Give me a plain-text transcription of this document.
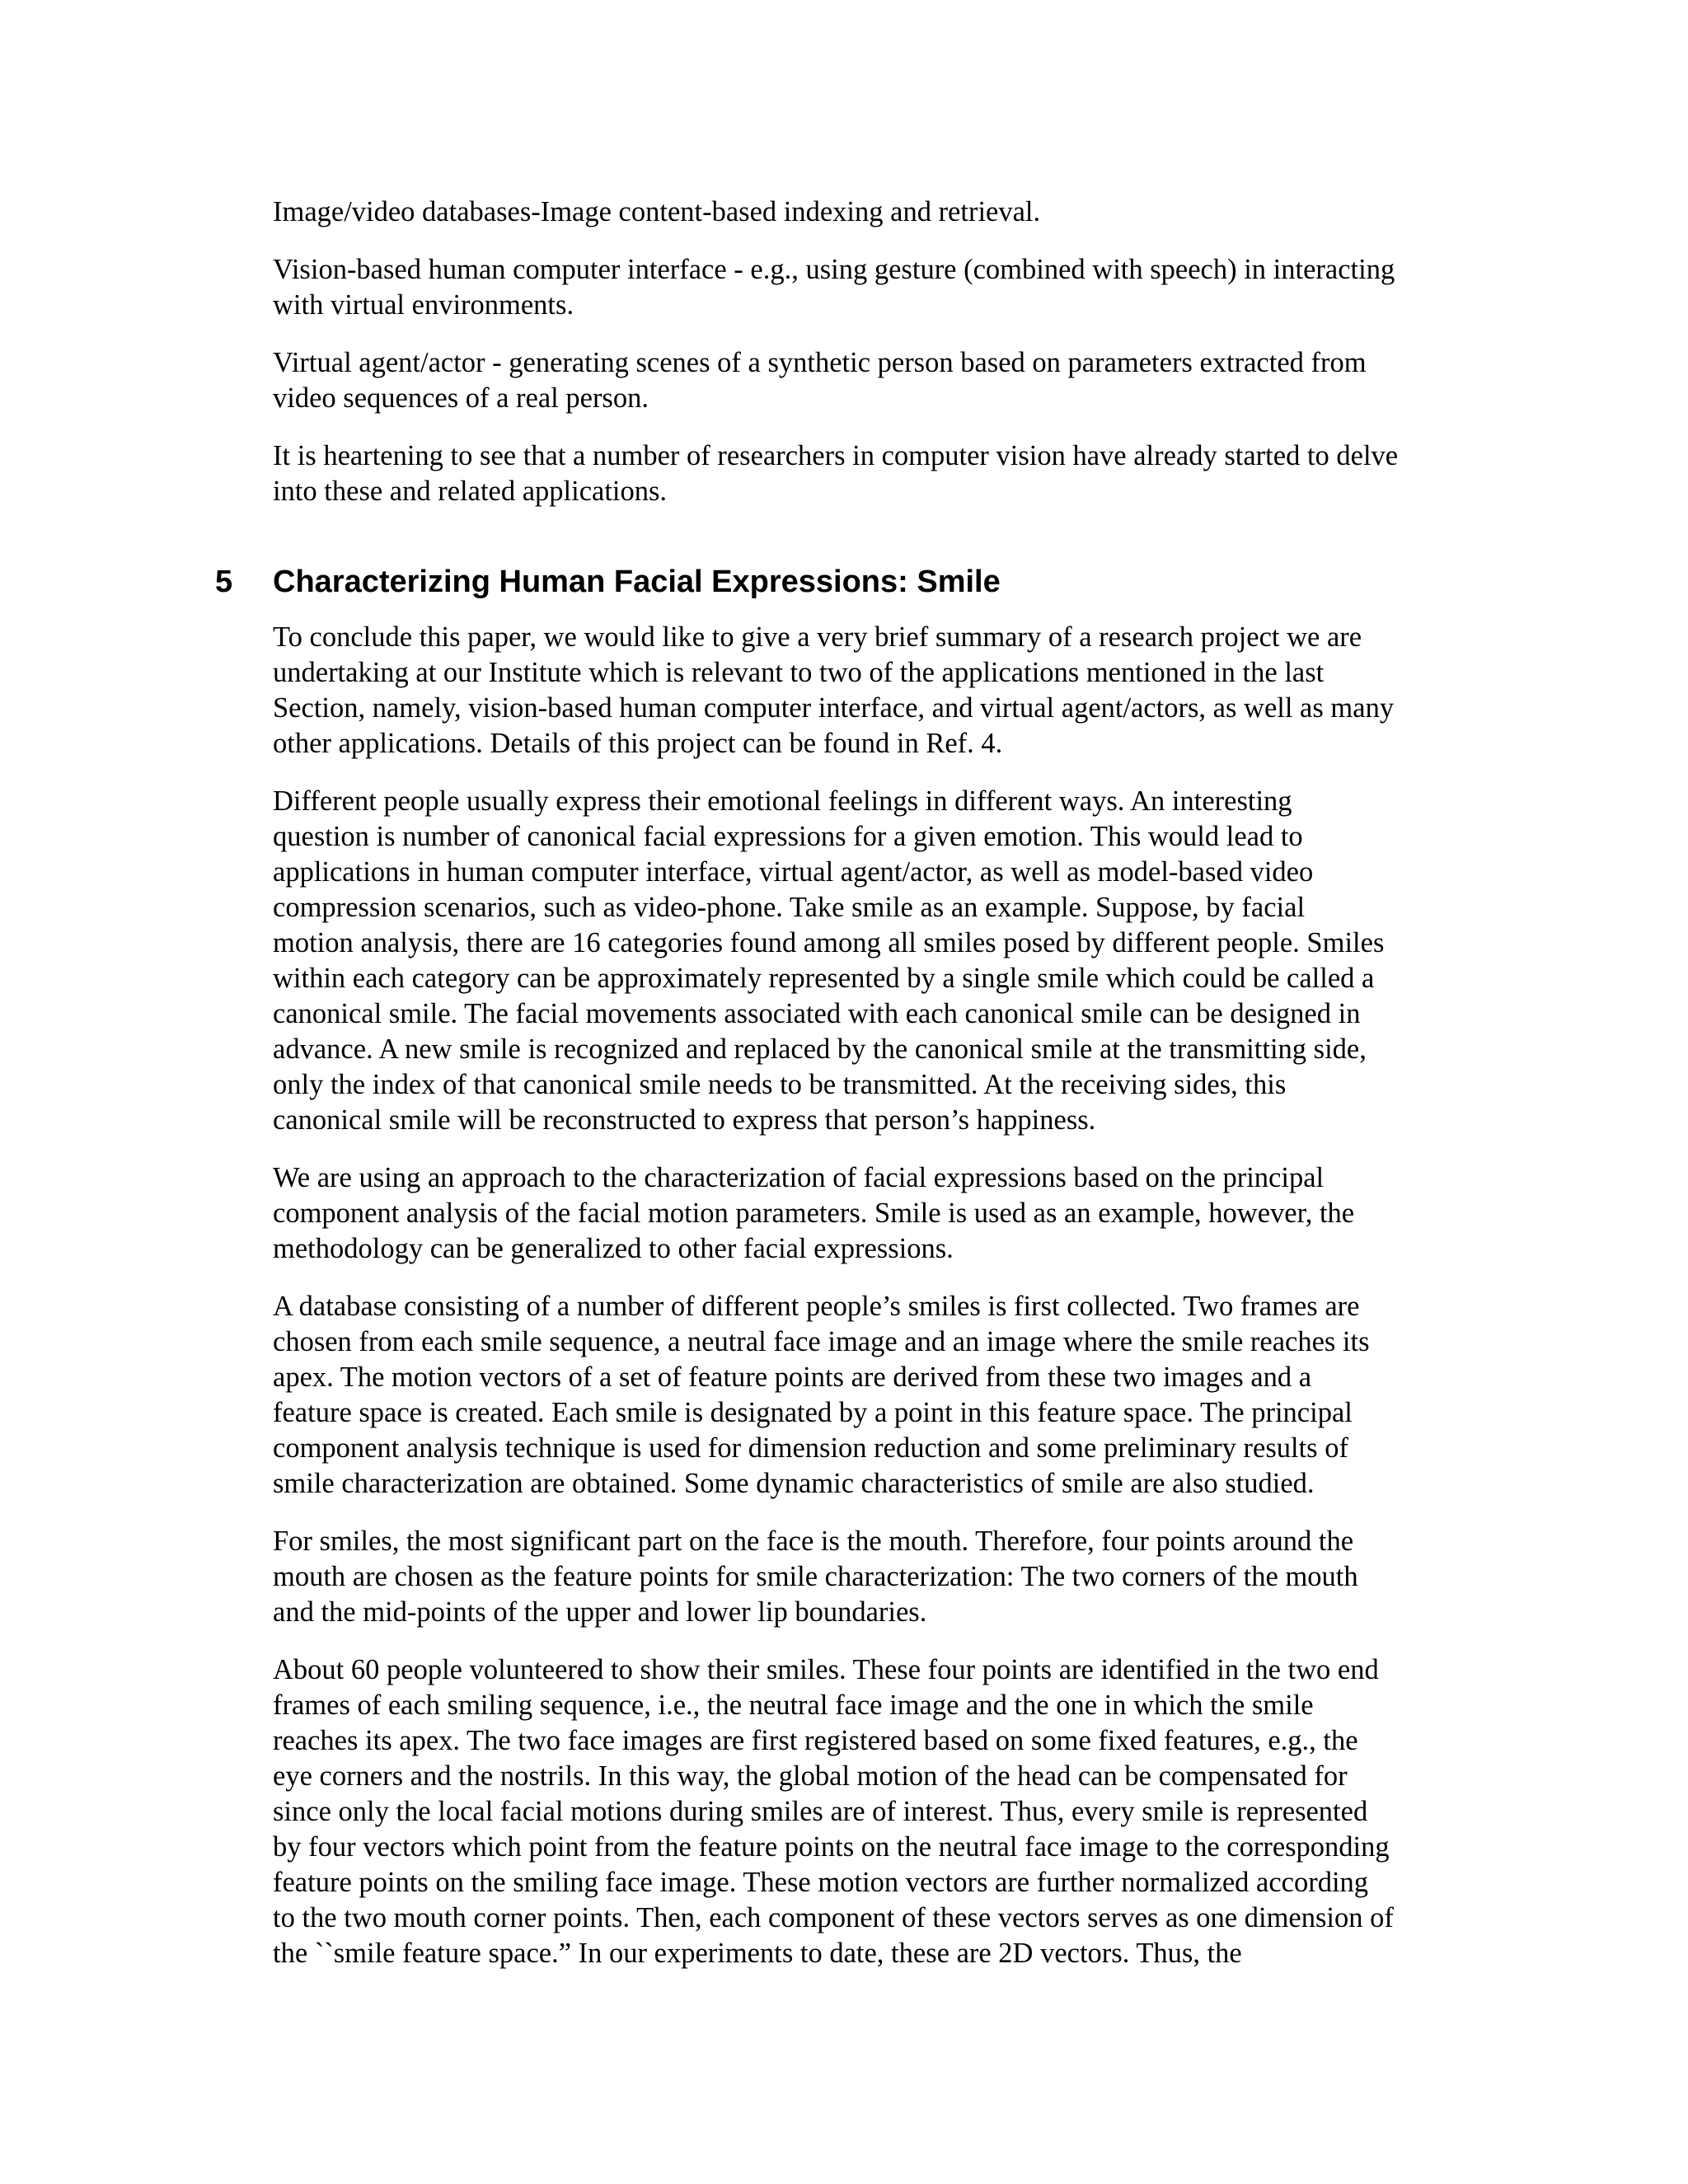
Image/video databases-Image content-based indexing and retrieval.

Vision-based human computer interface - e.g., using gesture (combined with speech) in interacting
with virtual environments.

Virtual agent/actor - generating scenes of a synthetic person based on parameters extracted from
video sequences of a real person.

It is heartening to see that a number of researchers in computer vision have already started to delve
into these and related applications.

5 Characterizing Human Facial Expressions: Smile

To conclude this paper, we would like to give a very brief summary of a research project we are
undertaking at our Institute which is relevant to two of the applications mentioned in the last
Section, namely, vision-based human computer interface, and virtual agent/actors, as well as many
other applications. Details of this project can be found in Ref. 4.

Different people usually express their emotional feelings in different ways. An interesting
question is number of canonical facial expressions for a given emotion. This would lead to
applications in human computer interface, virtual agent/actor, as well as model-based video
compression scenarios, such as video-phone. Take smile as an example. Suppose, by facial
motion analysis, there are 16 categories found among all smiles posed by different people. Smiles
within each category can be approximately represented by a single smile which could be called a
canonical smile. The facial movements associated with each canonical smile can be designed in
advance. A new smile is recognized and replaced by the canonical smile at the transmitting side,
only the index of that canonical smile needs to be transmitted. At the receiving sides, this
canonical smile will be reconstructed to express that person’s happiness.

We are using an approach to the characterization of facial expressions based on the principal
component analysis of the facial motion parameters. Smile is used as an example, however, the
methodology can be generalized to other facial expressions.

A database consisting of a number of different people’s smiles is first collected. Two frames are
chosen from each smile sequence, a neutral face image and an image where the smile reaches its
apex. The motion vectors of a set of feature points are derived from these two images and a
feature space is created. Each smile is designated by a point in this feature space. The principal
component analysis technique is used for dimension reduction and some preliminary results of
smile characterization are obtained. Some dynamic characteristics of smile are also studied.

For smiles, the most significant part on the face is the mouth. Therefore, four points around the
mouth are chosen as the feature points for smile characterization: The two corners of the mouth
and the mid-points of the upper and lower lip boundaries.

About 60 people volunteered to show their smiles. These four points are identified in the two end
frames of each smiling sequence, i.e., the neutral face image and the one in which the smile
reaches its apex. The two face images are first registered based on some fixed features, e.g., the
eye corners and the nostrils. In this way, the global motion of the head can be compensated for
since only the local facial motions during smiles are of interest. Thus, every smile is represented
by four vectors which point from the feature points on the neutral face image to the corresponding
feature points on the smiling face image. These motion vectors are further normalized according
to the two mouth corner points. Then, each component of these vectors serves as one dimension of
the ``smile feature space.” In our experiments to date, these are 2D vectors. Thus, the
